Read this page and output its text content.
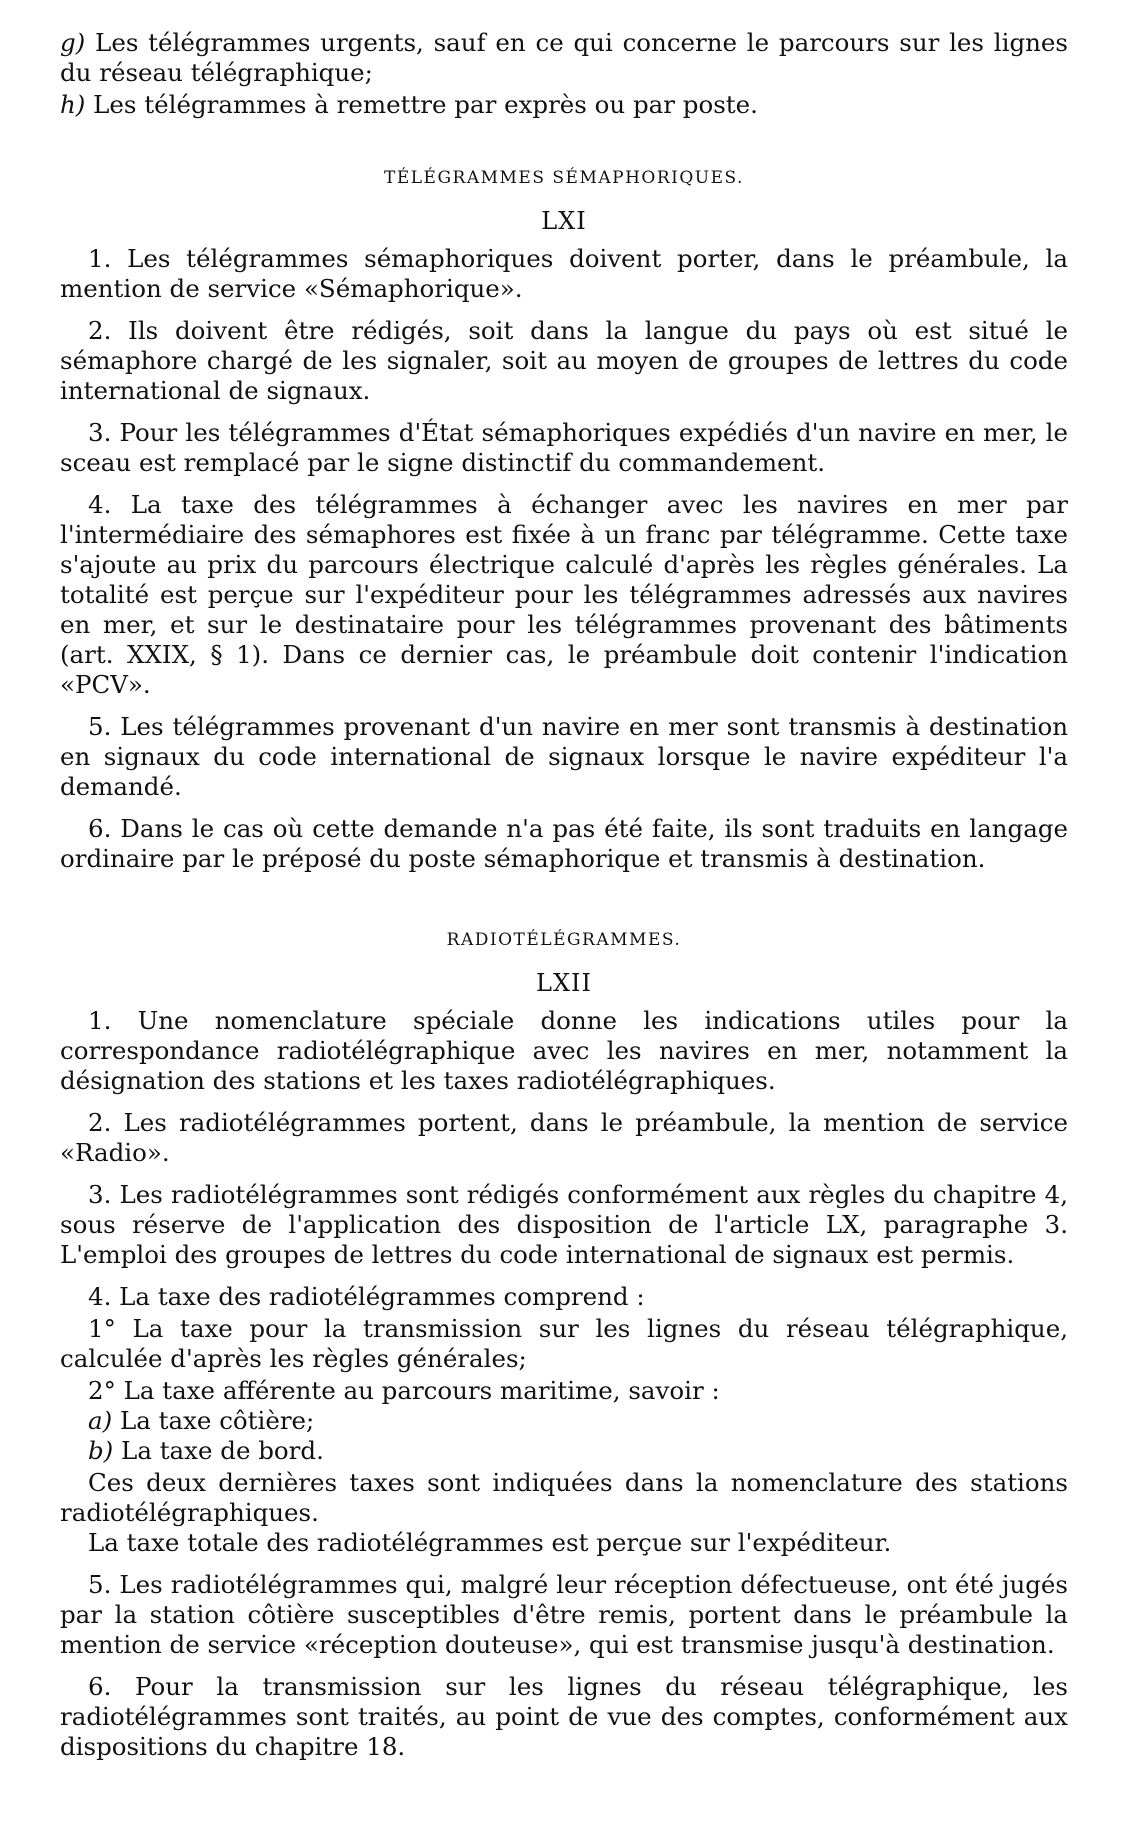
g) Les télégrammes urgents, sauf en ce qui concerne le parcours sur les lignes du réseau télégraphique;

h) Les télégrammes à remettre par exprès ou par poste.

TÉLÉGRAMMES SÉMAPHORIQUES.
LXI

1. Les télégrammes sémaphoriques doivent porter, dans le préambule, la mention de service «Sémaphorique».

2. Ils doivent être rédigés, soit dans la langue du pays où est situé le sémaphore chargé de les signaler, soit au moyen de groupes de lettres du code international de signaux.

3. Pour les télégrammes d'État sémaphoriques expédiés d'un navire en mer, le sceau est remplacé par le signe distinctif du commandement.

4. La taxe des télégrammes à échanger avec les navires en mer par l'intermédiaire des sémaphores est fixée à un franc par télégramme. Cette taxe s'ajoute au prix du parcours électrique calculé d'après les règles générales. La totalité est perçue sur l'expéditeur pour les télégrammes adressés aux navires en mer, et sur le destinataire pour les télégrammes provenant des bâtiments (art. XXIX, § 1). Dans ce dernier cas, le préambule doit contenir l'indication «PCV».

5. Les télégrammes provenant d'un navire en mer sont transmis à destination en signaux du code international de signaux lorsque le navire expéditeur l'a demandé.

6. Dans le cas où cette demande n'a pas été faite, ils sont traduits en langage ordinaire par le préposé du poste sémaphorique et transmis à destination.

RADIOTÉLÉGRAMMES.
LXII

1. Une nomenclature spéciale donne les indications utiles pour la correspondance radiotélégraphique avec les navires en mer, notamment la désignation des stations et les taxes radiotélégraphiques.

2. Les radiotélégrammes portent, dans le préambule, la mention de service «Radio».

3. Les radiotélégrammes sont rédigés conformément aux règles du chapitre 4, sous réserve de l'application des disposition de l'article LX, paragraphe 3. L'emploi des groupes de lettres du code international de signaux est permis.

4. La taxe des radiotélégrammes comprend :

1° La taxe pour la transmission sur les lignes du réseau télégraphique, calculée d'après les règles générales;

2° La taxe afférente au parcours maritime, savoir :

a) La taxe côtière;

b) La taxe de bord.

Ces deux dernières taxes sont indiquées dans la nomenclature des stations radiotélégraphiques.

La taxe totale des radiotélégrammes est perçue sur l'expéditeur.

5. Les radiotélégrammes qui, malgré leur réception défectueuse, ont été jugés par la station côtière susceptibles d'être remis, portent dans le préambule la mention de service «réception douteuse», qui est transmise jusqu'à destination.

6. Pour la transmission sur les lignes du réseau télégraphique, les radiotélégrammes sont traités, au point de vue des comptes, conformément aux dispositions du chapitre 18.
